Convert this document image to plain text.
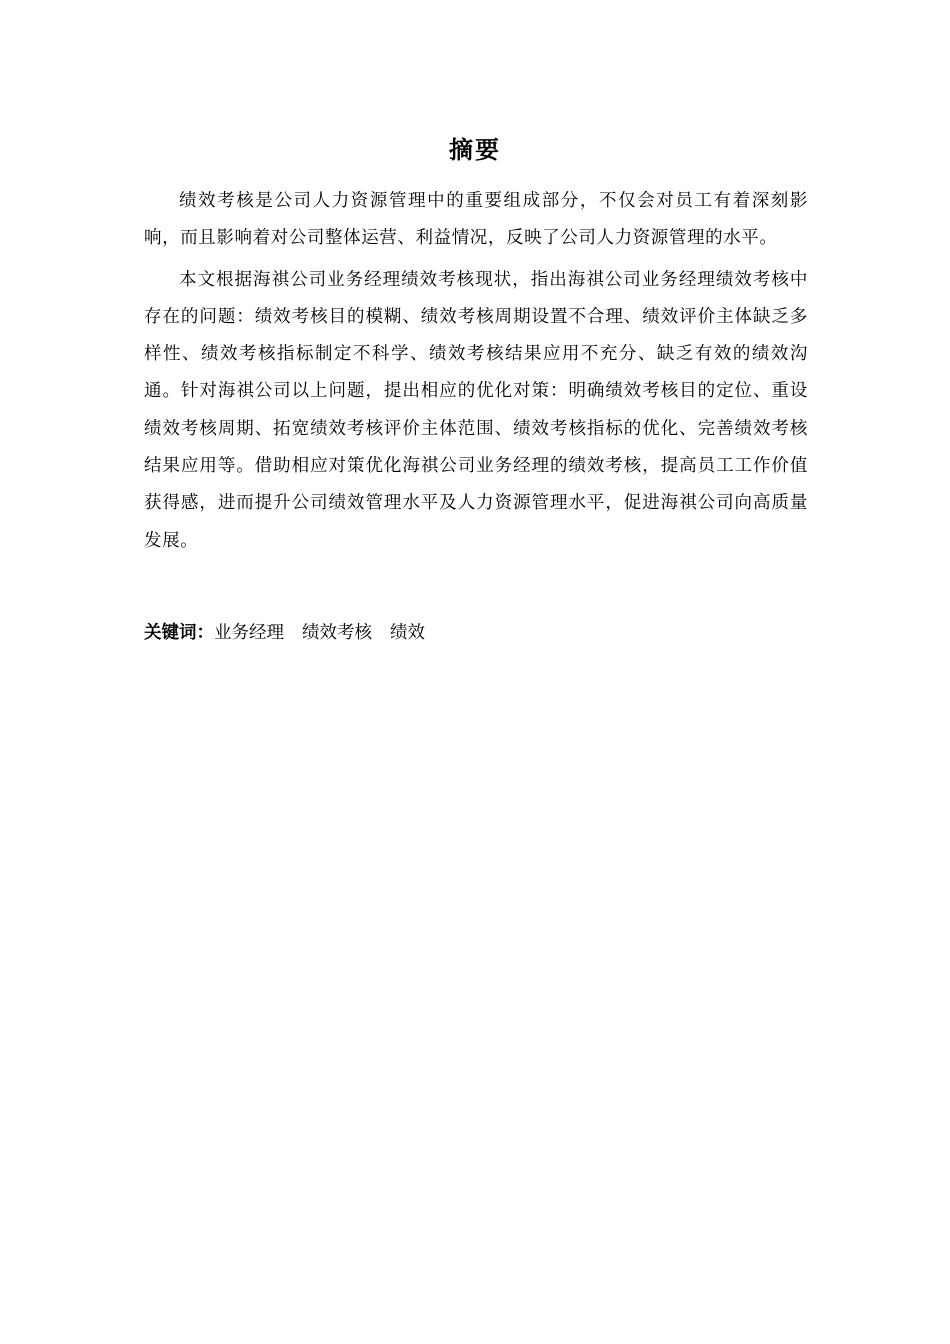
摘要

绩效考核是公司人力资源管理中的重要组成部分，不仅会对员工有着深刻影响，而且影响着对公司整体运营、利益情况，反映了公司人力资源管理的水平。

本文根据海祺公司业务经理绩效考核现状，指出海祺公司业务经理绩效考核中存在的问题：绩效考核目的模糊、绩效考核周期设置不合理、绩效评价主体缺乏多样性、绩效考核指标制定不科学、绩效考核结果应用不充分、缺乏有效的绩效沟通。针对海祺公司以上问题，提出相应的优化对策：明确绩效考核目的定位、重设绩效考核周期、拓宽绩效考核评价主体范围、绩效考核指标的优化、完善绩效考核结果应用等。借助相应对策优化海祺公司业务经理的绩效考核，提高员工工作价值获得感，进而提升公司绩效管理水平及人力资源管理水平，促进海祺公司向高质量发展。

关键词：业务经理 绩效考核 绩效
